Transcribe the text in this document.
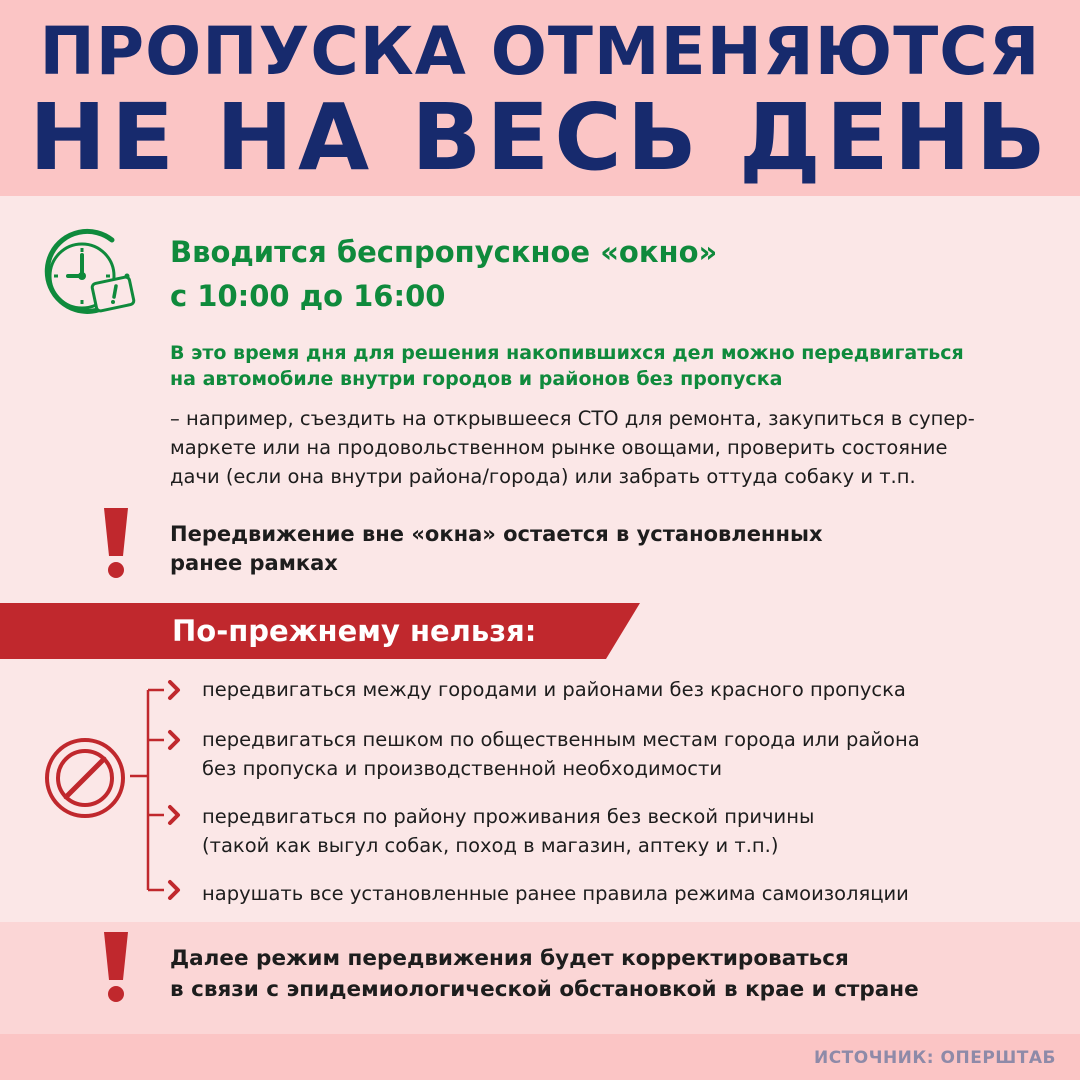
ПРОПУСКА ОТМЕНЯЮТСЯ
НЕ НА ВЕСЬ ДЕНЬ
Вводится беспропускное «окно»
с 10:00 до 16:00
В это время дня для решения накопившихся дел можно передвигаться
на автомобиле внутри городов и районов без пропуска
– например, съездить на открывшееся СТО для ремонта, закупиться в супер-
маркете или на продовольственном рынке овощами, проверить состояние
дачи (если она внутри района/города) или забрать оттуда собаку и т.п.
Передвижение вне «окна» остается в установленных
ранее рамках
По-прежнему нельзя:
передвигаться между городами и районами без красного пропуска
передвигаться пешком по общественным местам города или района
без пропуска и производственной необходимости
передвигаться по району проживания без веской причины
(такой как выгул собак, поход в магазин, аптеку и т.п.)
нарушать все установленные ранее правила режима самоизоляции
Далее режим передвижения будет корректироваться
в связи с эпидемиологической обстановкой в крае и стране
ИСТОЧНИК: ОПЕРШТАБ
